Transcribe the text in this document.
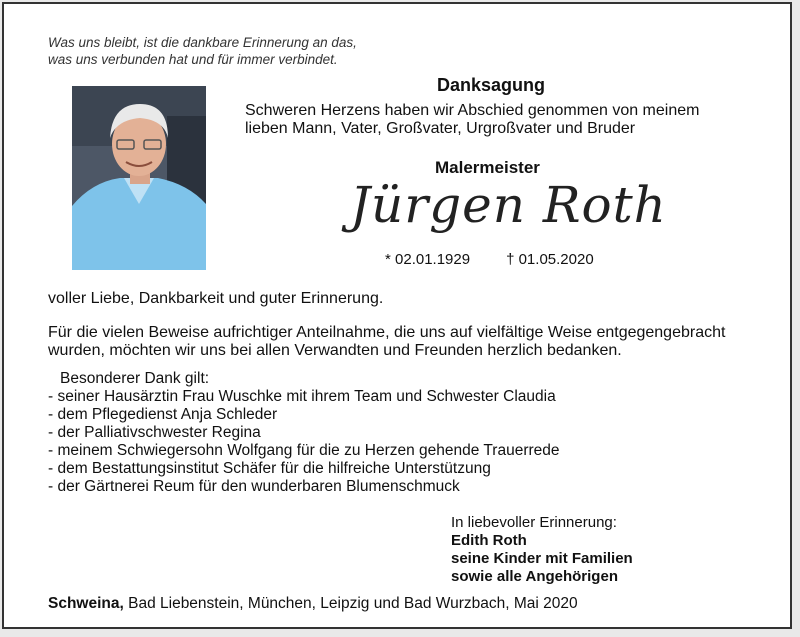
Was uns bleibt, ist die dankbare Erinnerung an das,
was uns verbunden hat und für immer verbindet.
Danksagung
Schweren Herzens haben wir Abschied genommen von meinem
lieben Mann, Vater, Großvater, Urgroßvater und Bruder
Malermeister
Jürgen Roth
* 02.01.1929 † 01.05.2020
voller Liebe, Dankbarkeit und guter Erinnerung.
Für die vielen Beweise aufrichtiger Anteilnahme, die uns auf vielfältige Weise entgegengebracht
wurden, möchten wir uns bei allen Verwandten und Freunden herzlich bedanken.
Besonderer Dank gilt:
- seiner Hausärztin Frau Wuschke mit ihrem Team und Schwester Claudia
- dem Pflegedienst Anja Schleder
- der Palliativschwester Regina
- meinem Schwiegersohn Wolfgang für die zu Herzen gehende Trauerrede
- dem Bestattungsinstitut Schäfer für die hilfreiche Unterstützung
- der Gärtnerei Reum für den wunderbaren Blumenschmuck
In liebevoller Erinnerung:
Edith Roth
seine Kinder mit Familien
sowie alle Angehörigen
Schweina, Bad Liebenstein, München, Leipzig und Bad Wurzbach, Mai 2020
